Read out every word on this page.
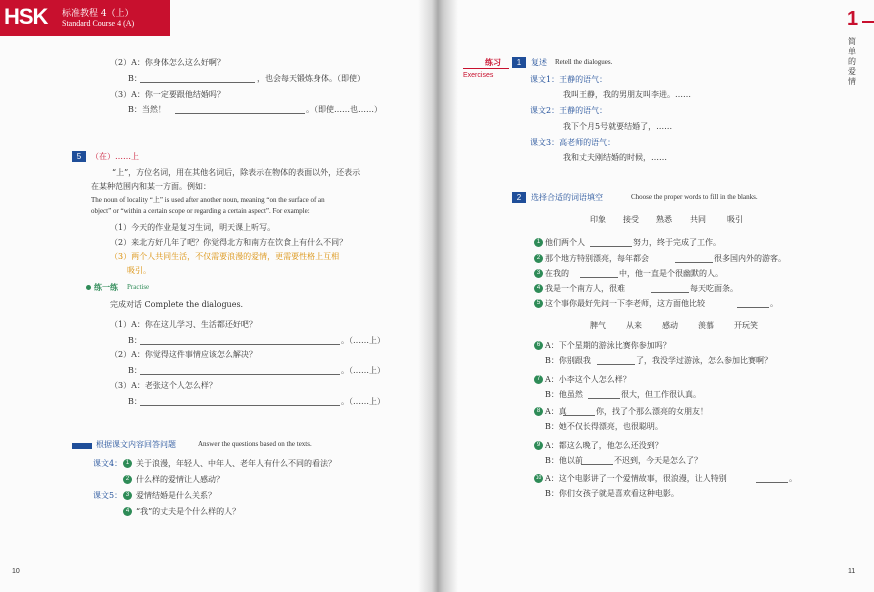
HSK 标准教程 4（上）
Standard Course 4 (A)
（2）A：你身体怎么这么好啊？
B：	，也会每天锻炼身体。（即使）
（3）A：你一定要跟他结婚吗？
B：当然！	。（即使……也……）
5	（在）……上
“上”，方位名词，用在其他名词后，除表示在物体的表面以外，还表示
在某种范围内和某一方面。例如：
The noun of locality “上” is used after another noun, meaning “on the surface of an
object” or “within a certain scope or regarding a certain aspect”. For example:
（1）今天的作业是复习生词，明天课上听写。
（2）来北方好几年了吧？你觉得北方和南方在饮食上有什么不同？
（3）两个人共同生活，不仅需要浪漫的爱情，更需要性格上互相
吸引。
练一练 Practise
完成对话 Complete the dialogues.
（1）A：你在这儿学习、生活都还好吧？
B：	。（……上）
（2）A：你觉得这件事情应该怎么解决？
B：	。（……上）
（3）A：老张这个人怎么样？
B：	。（……上）
根据课文内容回答问题	Answer the questions based on the texts.
课文4： 1 关于浪漫，年轻人、中年人、老年人有什么不同的看法？
2 什么样的爱情让人感动？
课文5： 3 爱情结婚是什么关系？
4 “我”的丈夫是个什么样的人？
10
1
简
单
的
爱
情
练习
Exercises
1	复述 Retell the dialogues.
课文1：王静的语气：
我叫王静，我的男朋友叫李进。……
课文2：王静的语气：
我下个月5号就要结婚了，……
课文3：高老师的语气：
我和丈夫刚结婚的时候，……
2	选择合适的词语填空	Choose the proper words to fill in the blanks.
印象 接受 熟悉 共同	吸引
1 他们两个人	努力，终于完成了工作。
2 那个地方特别漂亮，每年都会	很多国内外的游客。
3 在我的	中，他一直是个很幽默的人。
4 我是一个南方人，很难	每天吃面条。
5 这个事你最好先问一下李老师，这方面他比较	。
脾气	从来	感动	羡慕	开玩笑
6 A：下个星期的游泳比赛你参加吗？
B：你别跟我	了，我没学过游泳，怎么参加比赛啊？
7 A：小李这个人怎么样？
B：他虽然	很大，但工作很认真。
8 A：真	你，找了个那么漂亮的女朋友！
B：她不仅长得漂亮，也很聪明。
9 A：都这么晚了，他怎么还没到？
B：他以前	不迟到，今天是怎么了？
10 A：这个电影讲了一个爱情故事，很浪漫，让人特别	。
B：你们女孩子就是喜欢看这种电影。
11
